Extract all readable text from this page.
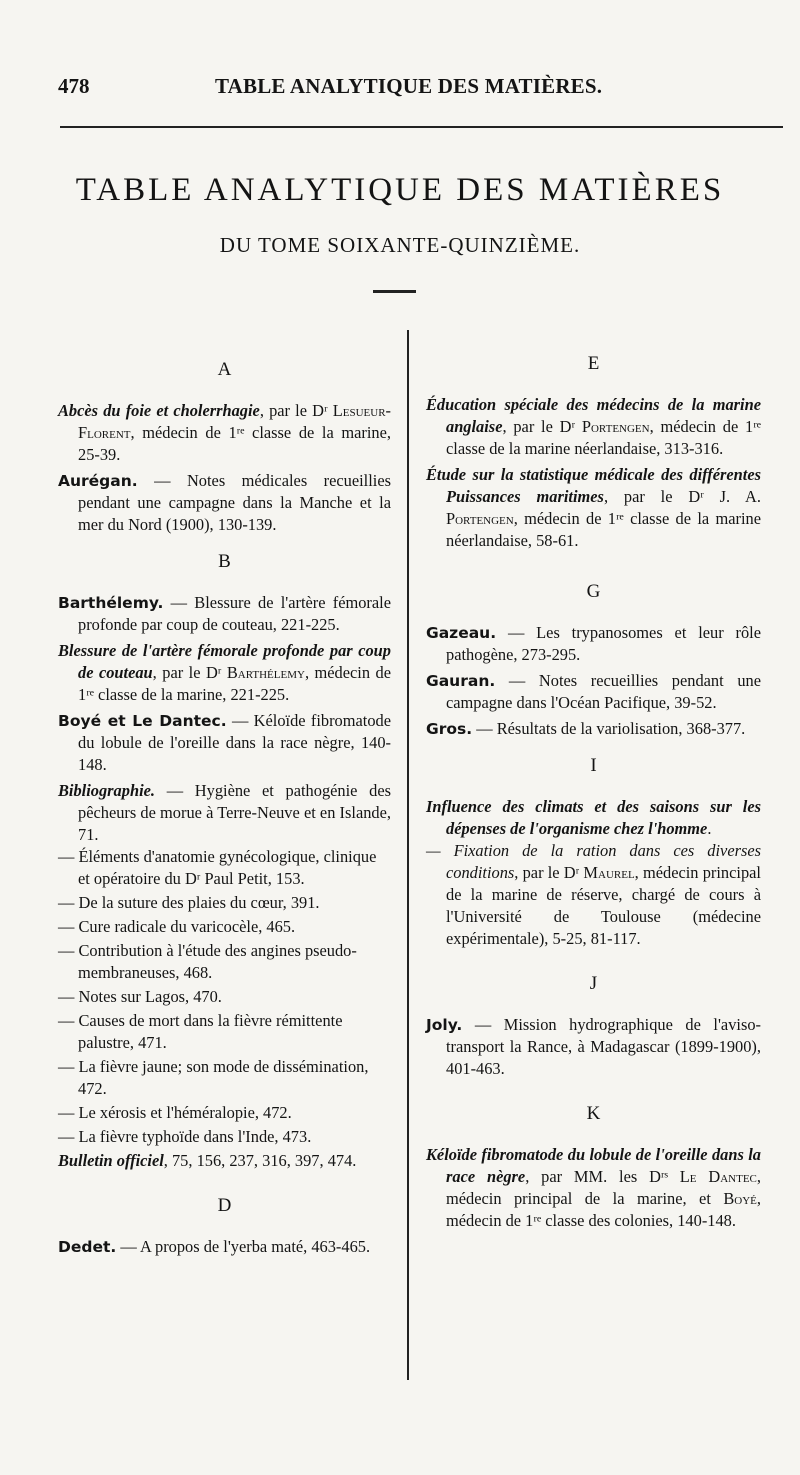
478	TABLE ANALYTIQUE DES MATIÈRES.
TABLE ANALYTIQUE DES MATIÈRES
DU TOME SOIXANTE-QUINZIÈME.
A

Abcès du foie et cholerrhagie, par le Dʳ Lesueur-Florent, médecin de 1ʳᵉ classe de la marine, 25-39.

Aurégan. — Notes médicales recueillies pendant une campagne dans la Manche et la mer du Nord (1900), 130-139.

B

Barthélemy. — Blessure de l'artère fémorale profonde par coup de couteau, 221-225.

Blessure de l'artère fémorale profonde par coup de couteau, par le Dʳ Barthélemy, médecin de 1ʳᵉ classe de la marine, 221-225.

Boyé et Le Dantec. — Kéloïde fibromatode du lobule de l'oreille dans la race nègre, 140-148.

Bibliographie. — Hygiène et pathogénie des pêcheurs de morue à Terre-Neuve et en Islande, 71.

— Éléments d'anatomie gynécologique, clinique et opératoire du Dʳ Paul Petit, 153.
— De la suture des plaies du cœur, 391.
— Cure radicale du varicocèle, 465.
— Contribution à l'étude des angines pseudo-membraneuses, 468.
— Notes sur Lagos, 470.
— Causes de mort dans la fièvre rémittente palustre, 471.
— La fièvre jaune; son mode de dissémination, 472.
— Le xérosis et l'héméralopie, 472.
— La fièvre typhoïde dans l'Inde, 473.

Bulletin officiel, 75, 156, 237, 316, 397, 474.

D

Dedet. — A propos de l'yerba maté, 463-465.

E

Éducation spéciale des médecins de la marine anglaise, par le Dʳ Portengen, médecin de 1ʳᵉ classe de la marine néerlandaise, 313-316.

Étude sur la statistique médicale des différentes Puissances maritimes, par le Dʳ J. A. Portengen, médecin de 1ʳᵉ classe de la marine néerlandaise, 58-61.

G

Gazeau. — Les trypanosomes et leur rôle pathogène, 273-295.

Gauran. — Notes recueillies pendant une campagne dans l'Océan Pacifique, 39-52.

Gros. — Résultats de la variolisation, 368-377.

I

Influence des climats et des saisons sur les dépenses de l'organisme chez l'homme.

— Fixation de la ration dans ces diverses conditions, par le Dʳ Maurel, médecin principal de la marine de réserve, chargé de cours à l'Université de Toulouse (médecine expérimentale), 5-25, 81-117.

J

Joly. — Mission hydrographique de l'aviso-transport la Rance, à Madagascar (1899-1900), 401-463.

K

Kéloïde fibromatode du lobule de l'oreille dans la race nègre, par MM. les Dʳˢ Le Dantec, médecin principal de la marine, et Boyé, médecin de 1ʳᵉ classe des colonies, 140-148.
